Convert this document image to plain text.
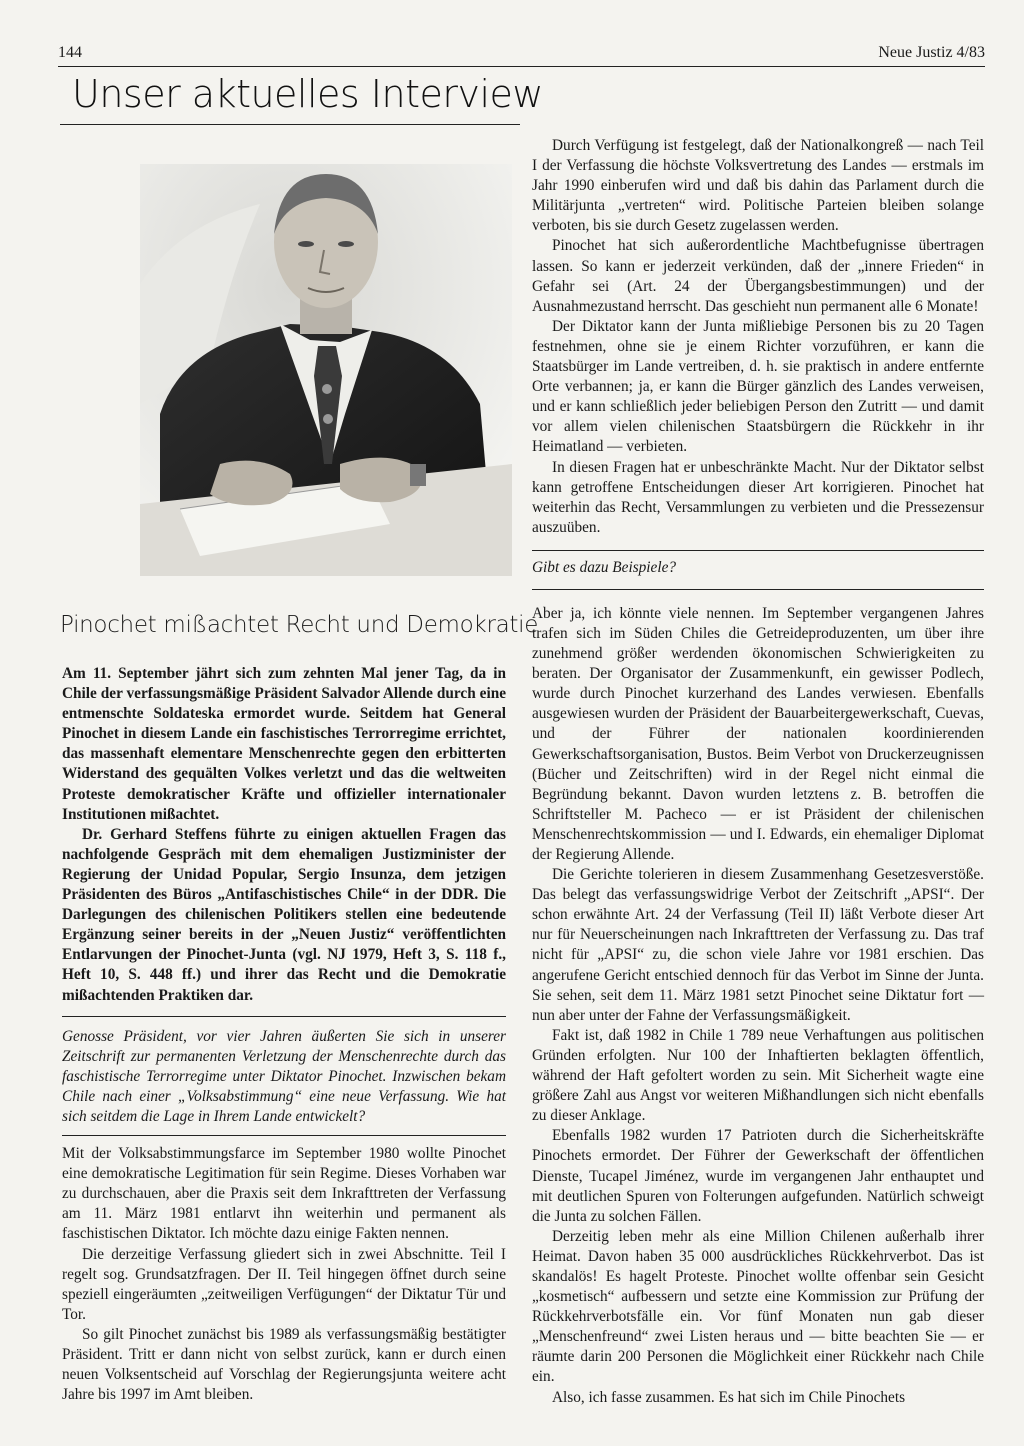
144	Neue Justiz 4/83
Unser aktuelles Interview
Pinochet mißachtet Recht und Demokratie

Am 11. September jährt sich zum zehnten Mal jener Tag, da in Chile der verfassungsmäßige Präsident Salvador Allende durch eine entmenschte Soldateska ermordet wurde. Seitdem hat General Pinochet in diesem Lande ein faschistisches Terrorregime errichtet, das massenhaft elementare Menschenrechte gegen den erbitterten Widerstand des gequälten Volkes verletzt und das die weltweiten Proteste demokratischer Kräfte und offizieller internationaler Institutionen mißachtet.

Dr. Gerhard Steffens führte zu einigen aktuellen Fragen das nachfolgende Gespräch mit dem ehemaligen Justizminister der Regierung der Unidad Popular, Sergio Insunza, dem jetzigen Präsidenten des Büros „Antifaschistisches Chile“ in der DDR. Die Darlegungen des chilenischen Politikers stellen eine bedeutende Ergänzung seiner bereits in der „Neuen Justiz“ veröffentlichten Entlarvungen der Pinochet-Junta (vgl. NJ 1979, Heft 3, S. 118 f., Heft 10, S. 448 ff.) und ihrer das Recht und die Demokratie mißachtenden Praktiken dar.

Genosse Präsident, vor vier Jahren äußerten Sie sich in unserer Zeitschrift zur permanenten Verletzung der Menschenrechte durch das faschistische Terrorregime unter Diktator Pinochet. Inzwischen bekam Chile nach einer „Volksabstimmung“ eine neue Verfassung. Wie hat sich seitdem die Lage in Ihrem Lande entwickelt?

Mit der Volksabstimmungsfarce im September 1980 wollte Pinochet eine demokratische Legitimation für sein Regime. Dieses Vorhaben war zu durchschauen, aber die Praxis seit dem Inkrafttreten der Verfassung am 11. März 1981 entlarvt ihn weiterhin und permanent als faschistischen Diktator. Ich möchte dazu einige Fakten nennen.

Die derzeitige Verfassung gliedert sich in zwei Abschnitte. Teil I regelt sog. Grundsatzfragen. Der II. Teil hingegen öffnet durch seine speziell eingeräumten „zeitweiligen Verfügungen“ der Diktatur Tür und Tor.

So gilt Pinochet zunächst bis 1989 als verfassungsmäßig bestätigter Präsident. Tritt er dann nicht von selbst zurück, kann er durch einen neuen Volksentscheid auf Vorschlag der Regierungsjunta weitere acht Jahre bis 1997 im Amt bleiben.

Durch Verfügung ist festgelegt, daß der Nationalkongreß — nach Teil I der Verfassung die höchste Volksvertretung des Landes — erstmals im Jahr 1990 einberufen wird und daß bis dahin das Parlament durch die Militärjunta „vertreten“ wird. Politische Parteien bleiben solange verboten, bis sie durch Gesetz zugelassen werden.

Pinochet hat sich außerordentliche Machtbefugnisse übertragen lassen. So kann er jederzeit verkünden, daß der „innere Frieden“ in Gefahr sei (Art. 24 der Übergangsbestimmungen) und der Ausnahmezustand herrscht. Das geschieht nun permanent alle 6 Monate!

Der Diktator kann der Junta mißliebige Personen bis zu 20 Tagen festnehmen, ohne sie je einem Richter vorzuführen, er kann die Staatsbürger im Lande vertreiben, d. h. sie praktisch in andere entfernte Orte verbannen; ja, er kann die Bürger gänzlich des Landes verweisen, und er kann schließlich jeder beliebigen Person den Zutritt — und damit vor allem vielen chilenischen Staatsbürgern die Rückkehr in ihr Heimatland — verbieten.

In diesen Fragen hat er unbeschränkte Macht. Nur der Diktator selbst kann getroffene Entscheidungen dieser Art korrigieren. Pinochet hat weiterhin das Recht, Versammlungen zu verbieten und die Pressezensur auszuüben.

Gibt es dazu Beispiele?

Aber ja, ich könnte viele nennen. Im September vergangenen Jahres trafen sich im Süden Chiles die Getreideproduzenten, um über ihre zunehmend größer werdenden ökonomischen Schwierigkeiten zu beraten. Der Organisator der Zusammenkunft, ein gewisser Podlech, wurde durch Pinochet kurzerhand des Landes verwiesen. Ebenfalls ausgewiesen wurden der Präsident der Bauarbeitergewerkschaft, Cuevas, und der Führer der nationalen koordinierenden Gewerkschaftsorganisation, Bustos. Beim Verbot von Druckerzeugnissen (Bücher und Zeitschriften) wird in der Regel nicht einmal die Begründung bekannt. Davon wurden letztens z. B. betroffen die Schriftsteller M. Pacheco — er ist Präsident der chilenischen Menschenrechtskommission — und I. Edwards, ein ehemaliger Diplomat der Regierung Allende.

Die Gerichte tolerieren in diesem Zusammenhang Gesetzesverstöße. Das belegt das verfassungswidrige Verbot der Zeitschrift „APSI“. Der schon erwähnte Art. 24 der Verfassung (Teil II) läßt Verbote dieser Art nur für Neuerscheinungen nach Inkrafttreten der Verfassung zu. Das traf nicht für „APSI“ zu, die schon viele Jahre vor 1981 erschien. Das angerufene Gericht entschied dennoch für das Verbot im Sinne der Junta. Sie sehen, seit dem 11. März 1981 setzt Pinochet seine Diktatur fort — nun aber unter der Fahne der Verfassungsmäßigkeit.

Fakt ist, daß 1982 in Chile 1 789 neue Verhaftungen aus politischen Gründen erfolgten. Nur 100 der Inhaftierten beklagten öffentlich, während der Haft gefoltert worden zu sein. Mit Sicherheit wagte eine größere Zahl aus Angst vor weiteren Mißhandlungen sich nicht ebenfalls zu dieser Anklage.

Ebenfalls 1982 wurden 17 Patrioten durch die Sicherheitskräfte Pinochets ermordet. Der Führer der Gewerkschaft der öffentlichen Dienste, Tucapel Jiménez, wurde im vergangenen Jahr enthauptet und mit deutlichen Spuren von Folterungen aufgefunden. Natürlich schweigt die Junta zu solchen Fällen.

Derzeitig leben mehr als eine Million Chilenen außerhalb ihrer Heimat. Davon haben 35 000 ausdrückliches Rückkehrverbot. Das ist skandalös! Es hagelt Proteste. Pinochet wollte offenbar sein Gesicht „kosmetisch“ aufbessern und setzte eine Kommission zur Prüfung der Rückkehrverbotsfälle ein. Vor fünf Monaten nun gab dieser „Menschenfreund“ zwei Listen heraus und — bitte beachten Sie — er räumte darin 200 Personen die Möglichkeit einer Rückkehr nach Chile ein.

Also, ich fasse zusammen. Es hat sich im Chile Pinochets
